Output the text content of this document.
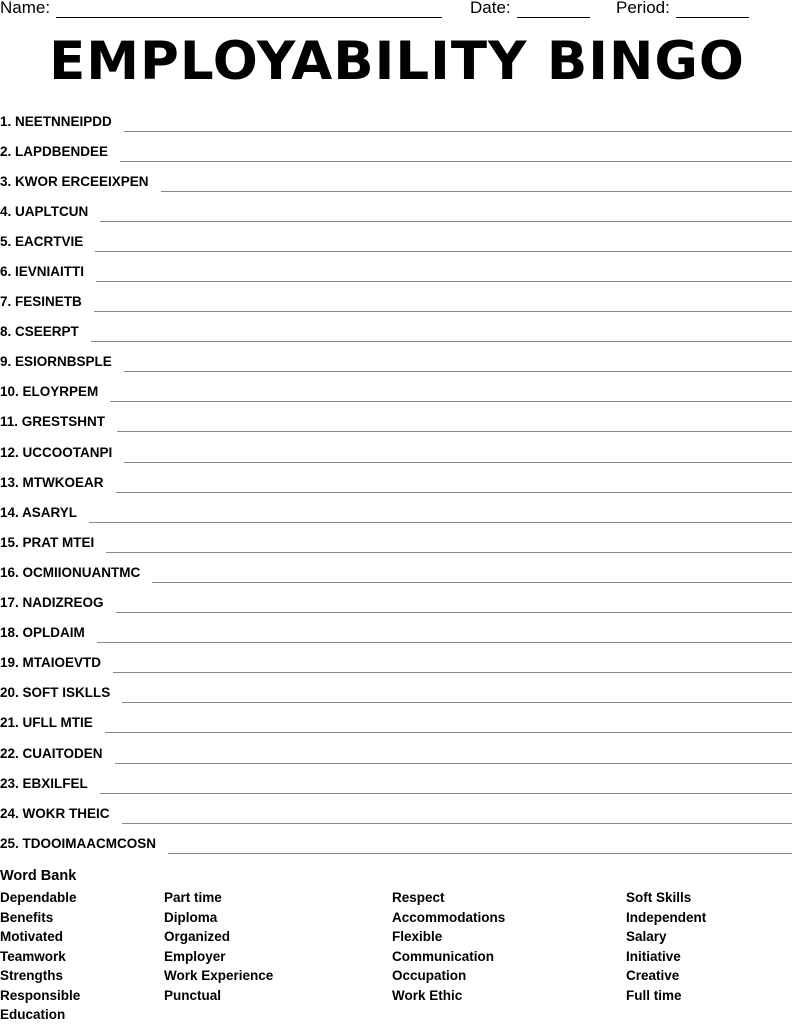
Name:	Date:	Period:
EMPLOYABILITY BINGO
1. NEETNNEIPDD
2. LAPDBENDEE
3. KWOR ERCEEIXPEN
4. UAPLTCUN
5. EACRTVIE
6. IEVNIAITTI
7. FESINETB
8. CSEERPT
9. ESIORNBSPLE
10. ELOYRPEM
11. GRESTSHNT
12. UCCOOTANPI
13. MTWKOEAR
14. ASARYL
15. PRAT MTEI
16. OCMIIONUANTMC
17. NADIZREOG
18. OPLDAIM
19. MTAIOEVTD
20. SOFT ISKLLS
21. UFLL MTIE
22. CUAITODEN
23. EBXILFEL
24. WOKR THEIC
25. TDOOIMAACMCOSN
Word Bank
Dependable
Benefits
Motivated
Teamwork
Strengths
Responsible
Education
Part time
Diploma
Organized
Employer
Work Experience
Punctual
Respect
Accommodations
Flexible
Communication
Occupation
Work Ethic
Soft Skills
Independent
Salary
Initiative
Creative
Full time
